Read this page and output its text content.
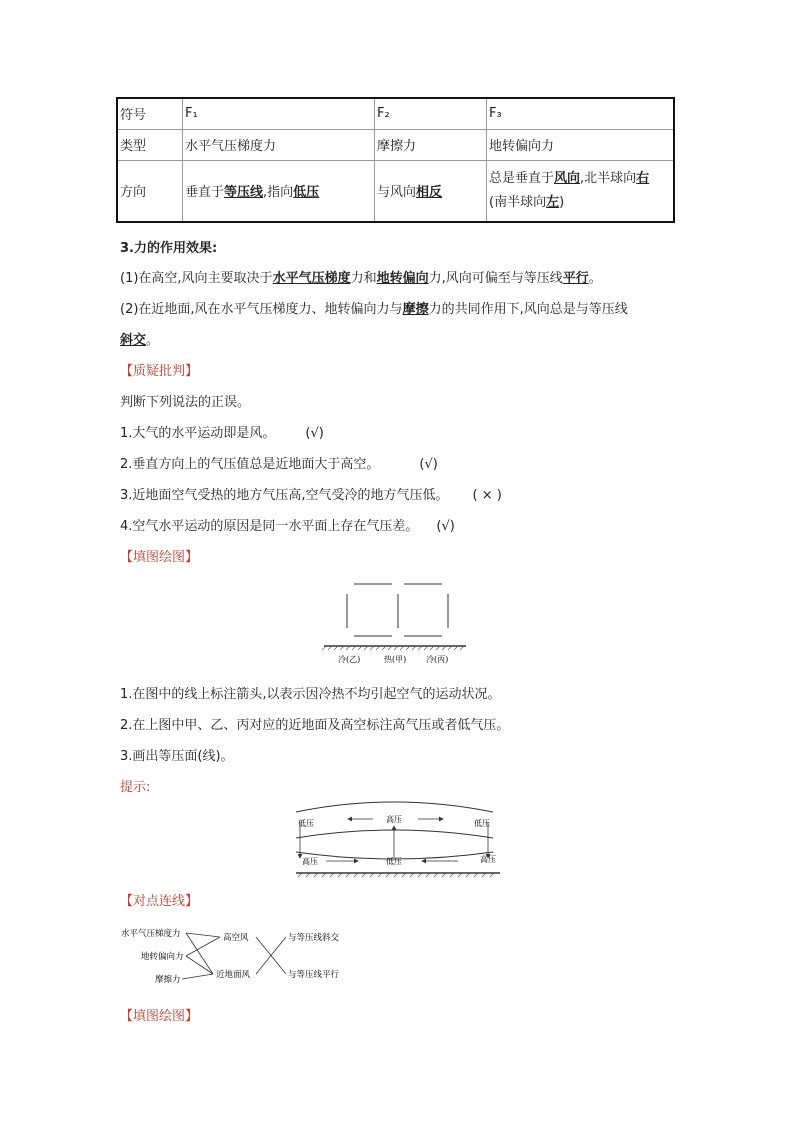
符号	F₁	F₂	F₃
类型	水平气压梯度力	摩擦力	地转偏向力
方向	垂直于等压线,指向低压	与风向相反	总是垂直于风向,北半球向右
(南半球向左)
3.力的作用效果:
(1)在高空,风向主要取决于水平气压梯度力和地转偏向力,风向可偏至与等压线平行。
(2)在近地面,风在水平气压梯度力、地转偏向力与摩擦力的共同作用下,风向总是与等压线
斜交。
【质疑批判】
判断下列说法的正误。
1.大气的水平运动即是风。 (√)
2.垂直方向上的气压值总是近地面大于高空。	(√)
3.近地面空气受热的地方气压高,空气受冷的地方气压低。 ( × )
4.空气水平运动的原因是同一水平面上存在气压差。 (√)
【填图绘图】
冷(乙)	热(甲) 冷(丙)
1.在图中的线上标注箭头,以表示因冷热不均引起空气的运动状况。
2.在上图中甲、乙、丙对应的近地面及高空标注高气压或者低气压。
3.画出等压面(线)。
提示:
低压	高压	低压
高压	低压	高压
【对点连线】
水平气压梯度力
地转偏向力
摩擦力
高空风
近地面风
与等压线斜交
与等压线平行
【填图绘图】
